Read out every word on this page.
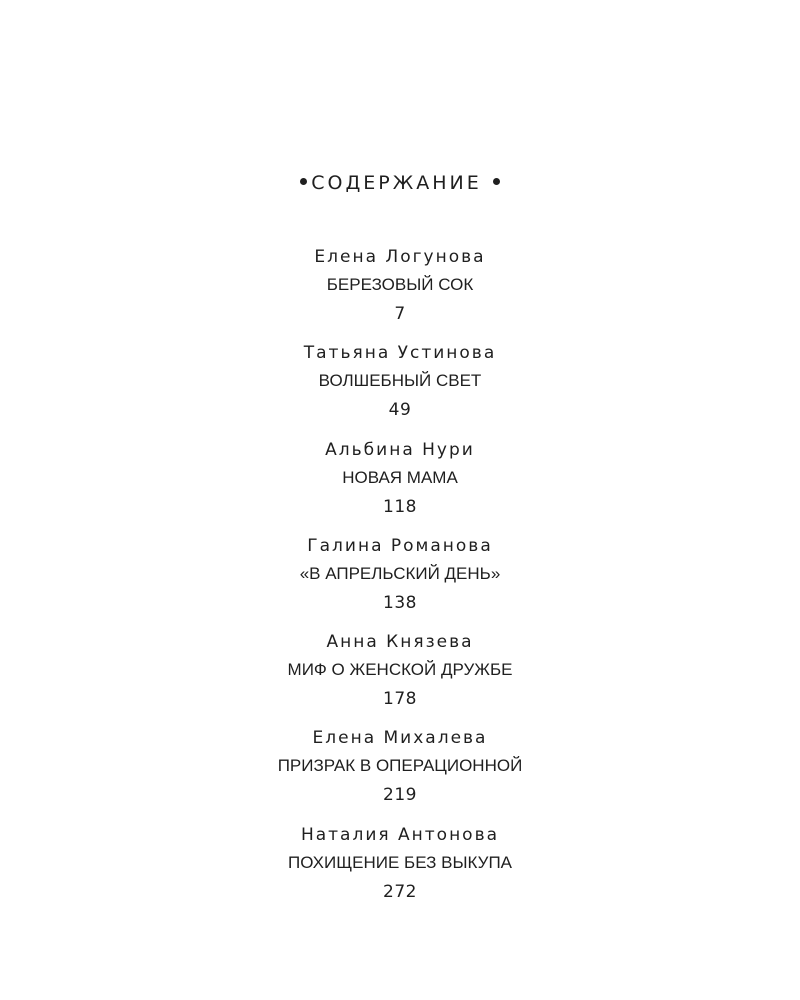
СОДЕРЖАНИЕ
Елена Логунова
БЕРЕЗОВЫЙ СОК
7
Татьяна Устинова
ВОЛШЕБНЫЙ СВЕТ
49
Альбина Нури
НОВАЯ МАМА
118
Галина Романова
«В АПРЕЛЬСКИЙ ДЕНЬ»
138
Анна Князева
МИФ О ЖЕНСКОЙ ДРУЖБЕ
178
Елена Михалева
ПРИЗРАК В ОПЕРАЦИОННОЙ
219
Наталия Антонова
ПОХИЩЕНИЕ БЕЗ ВЫКУПА
272
